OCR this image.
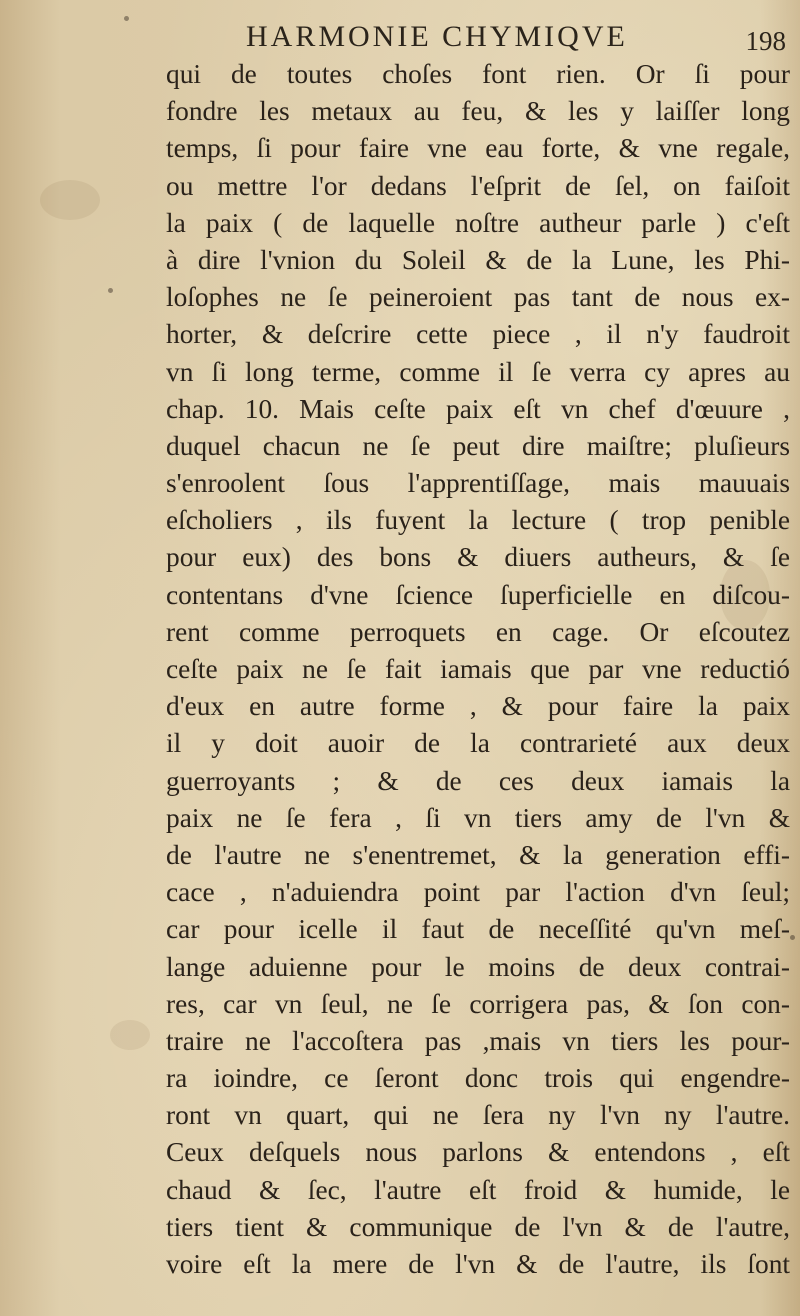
HARMONIE CHYMIQVE	198
qui de toutes choſes font rien. Or ſi pour
fondre les metaux au feu, & les y laiſſer long
temps, ſi pour faire vne eau forte, & vne regale,
ou mettre l'or dedans l'eſprit de ſel, on faiſoit
la paix ( de laquelle noſtre autheur parle ) c'eſt
à dire l'vnion du Soleil & de la Lune, les Phi-
loſophes ne ſe peineroient pas tant de nous ex-
horter, & deſcrire cette piece , il n'y faudroit
vn ſi long terme, comme il ſe verra cy apres au
chap. 10. Mais ceſte paix eſt vn chef d'œuure ,
duquel chacun ne ſe peut dire maiſtre; pluſieurs
s'enroolent ſous l'apprentiſſage, mais mauuais
eſcholiers , ils fuyent la lecture ( trop penible
pour eux) des bons & diuers autheurs, & ſe
contentans d'vne ſcience ſuperficielle en diſcou-
rent comme perroquets en cage. Or eſcoutez
ceſte paix ne ſe fait iamais que par vne reductió
d'eux en autre forme , & pour faire la paix
il y doit auoir de la contrarieté aux deux
guerroyants ; & de ces deux iamais la
paix ne ſe fera , ſi vn tiers amy de l'vn &
de l'autre ne s'enentremet, & la generation effi-
cace , n'aduiendra point par l'action d'vn ſeul;
car pour icelle il faut de neceſſité qu'vn meſ-
lange aduienne pour le moins de deux contrai-
res, car vn ſeul, ne ſe corrigera pas, & ſon con-
traire ne l'accoſtera pas ,mais vn tiers les pour-
ra ioindre, ce ſeront donc trois qui engendre-
ront vn quart, qui ne ſera ny l'vn ny l'autre.
Ceux deſquels nous parlons & entendons , eſt
chaud & ſec, l'autre eſt froid & humide, le
tiers tient & communique de l'vn & de l'autre,
voire eſt la mere de l'vn & de l'autre, ils ſont
